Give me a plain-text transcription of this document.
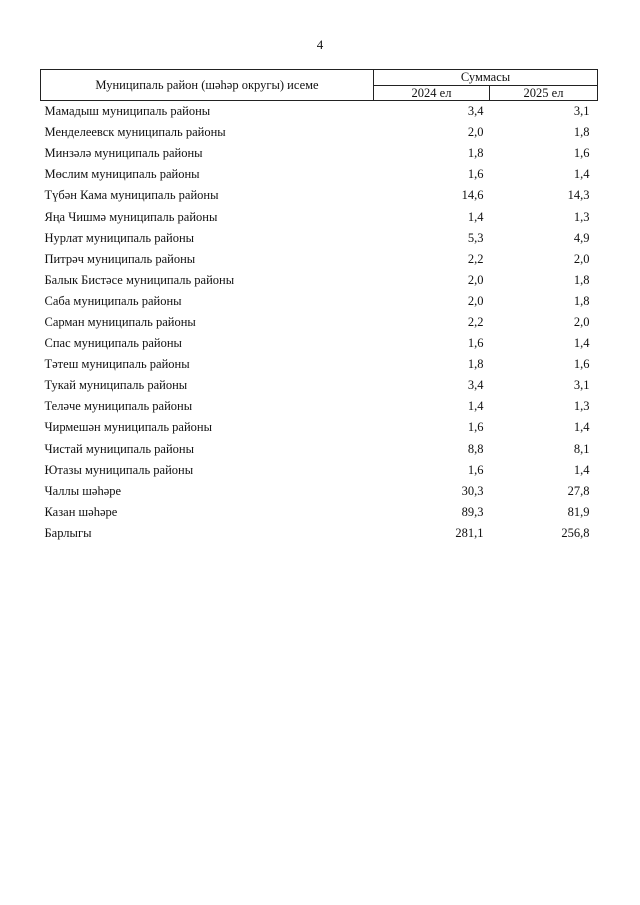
4
Муниципаль район (шәһәр округы) исеме	Суммасы	
	2024 ел	2025 ел
Мамадыш муниципаль районы	3,4	3,1
Менделеевск муниципаль районы	2,0	1,8
Минзәлә муниципаль районы	1,8	1,6
Мөслим муниципаль районы	1,6	1,4
Түбән Кама муниципаль районы	14,6	14,3
Яңа Чишмә муниципаль районы	1,4	1,3
Нурлат муниципаль районы	5,3	4,9
Питрәч муниципаль районы	2,2	2,0
Балык Бистәсе муниципаль районы	2,0	1,8
Саба муниципаль районы	2,0	1,8
Сарман муниципаль районы	2,2	2,0
Спас муниципаль районы	1,6	1,4
Тәтеш муниципаль районы	1,8	1,6
Тукай муниципаль районы	3,4	3,1
Теләче муниципаль районы	1,4	1,3
Чирмешән муниципаль районы	1,6	1,4
Чистай муниципаль районы	8,8	8,1
Ютазы муниципаль районы	1,6	1,4
Чаллы шәһәре	30,3	27,8
Казан шәһәре	89,3	81,9
Барлыгы	281,1	256,8
